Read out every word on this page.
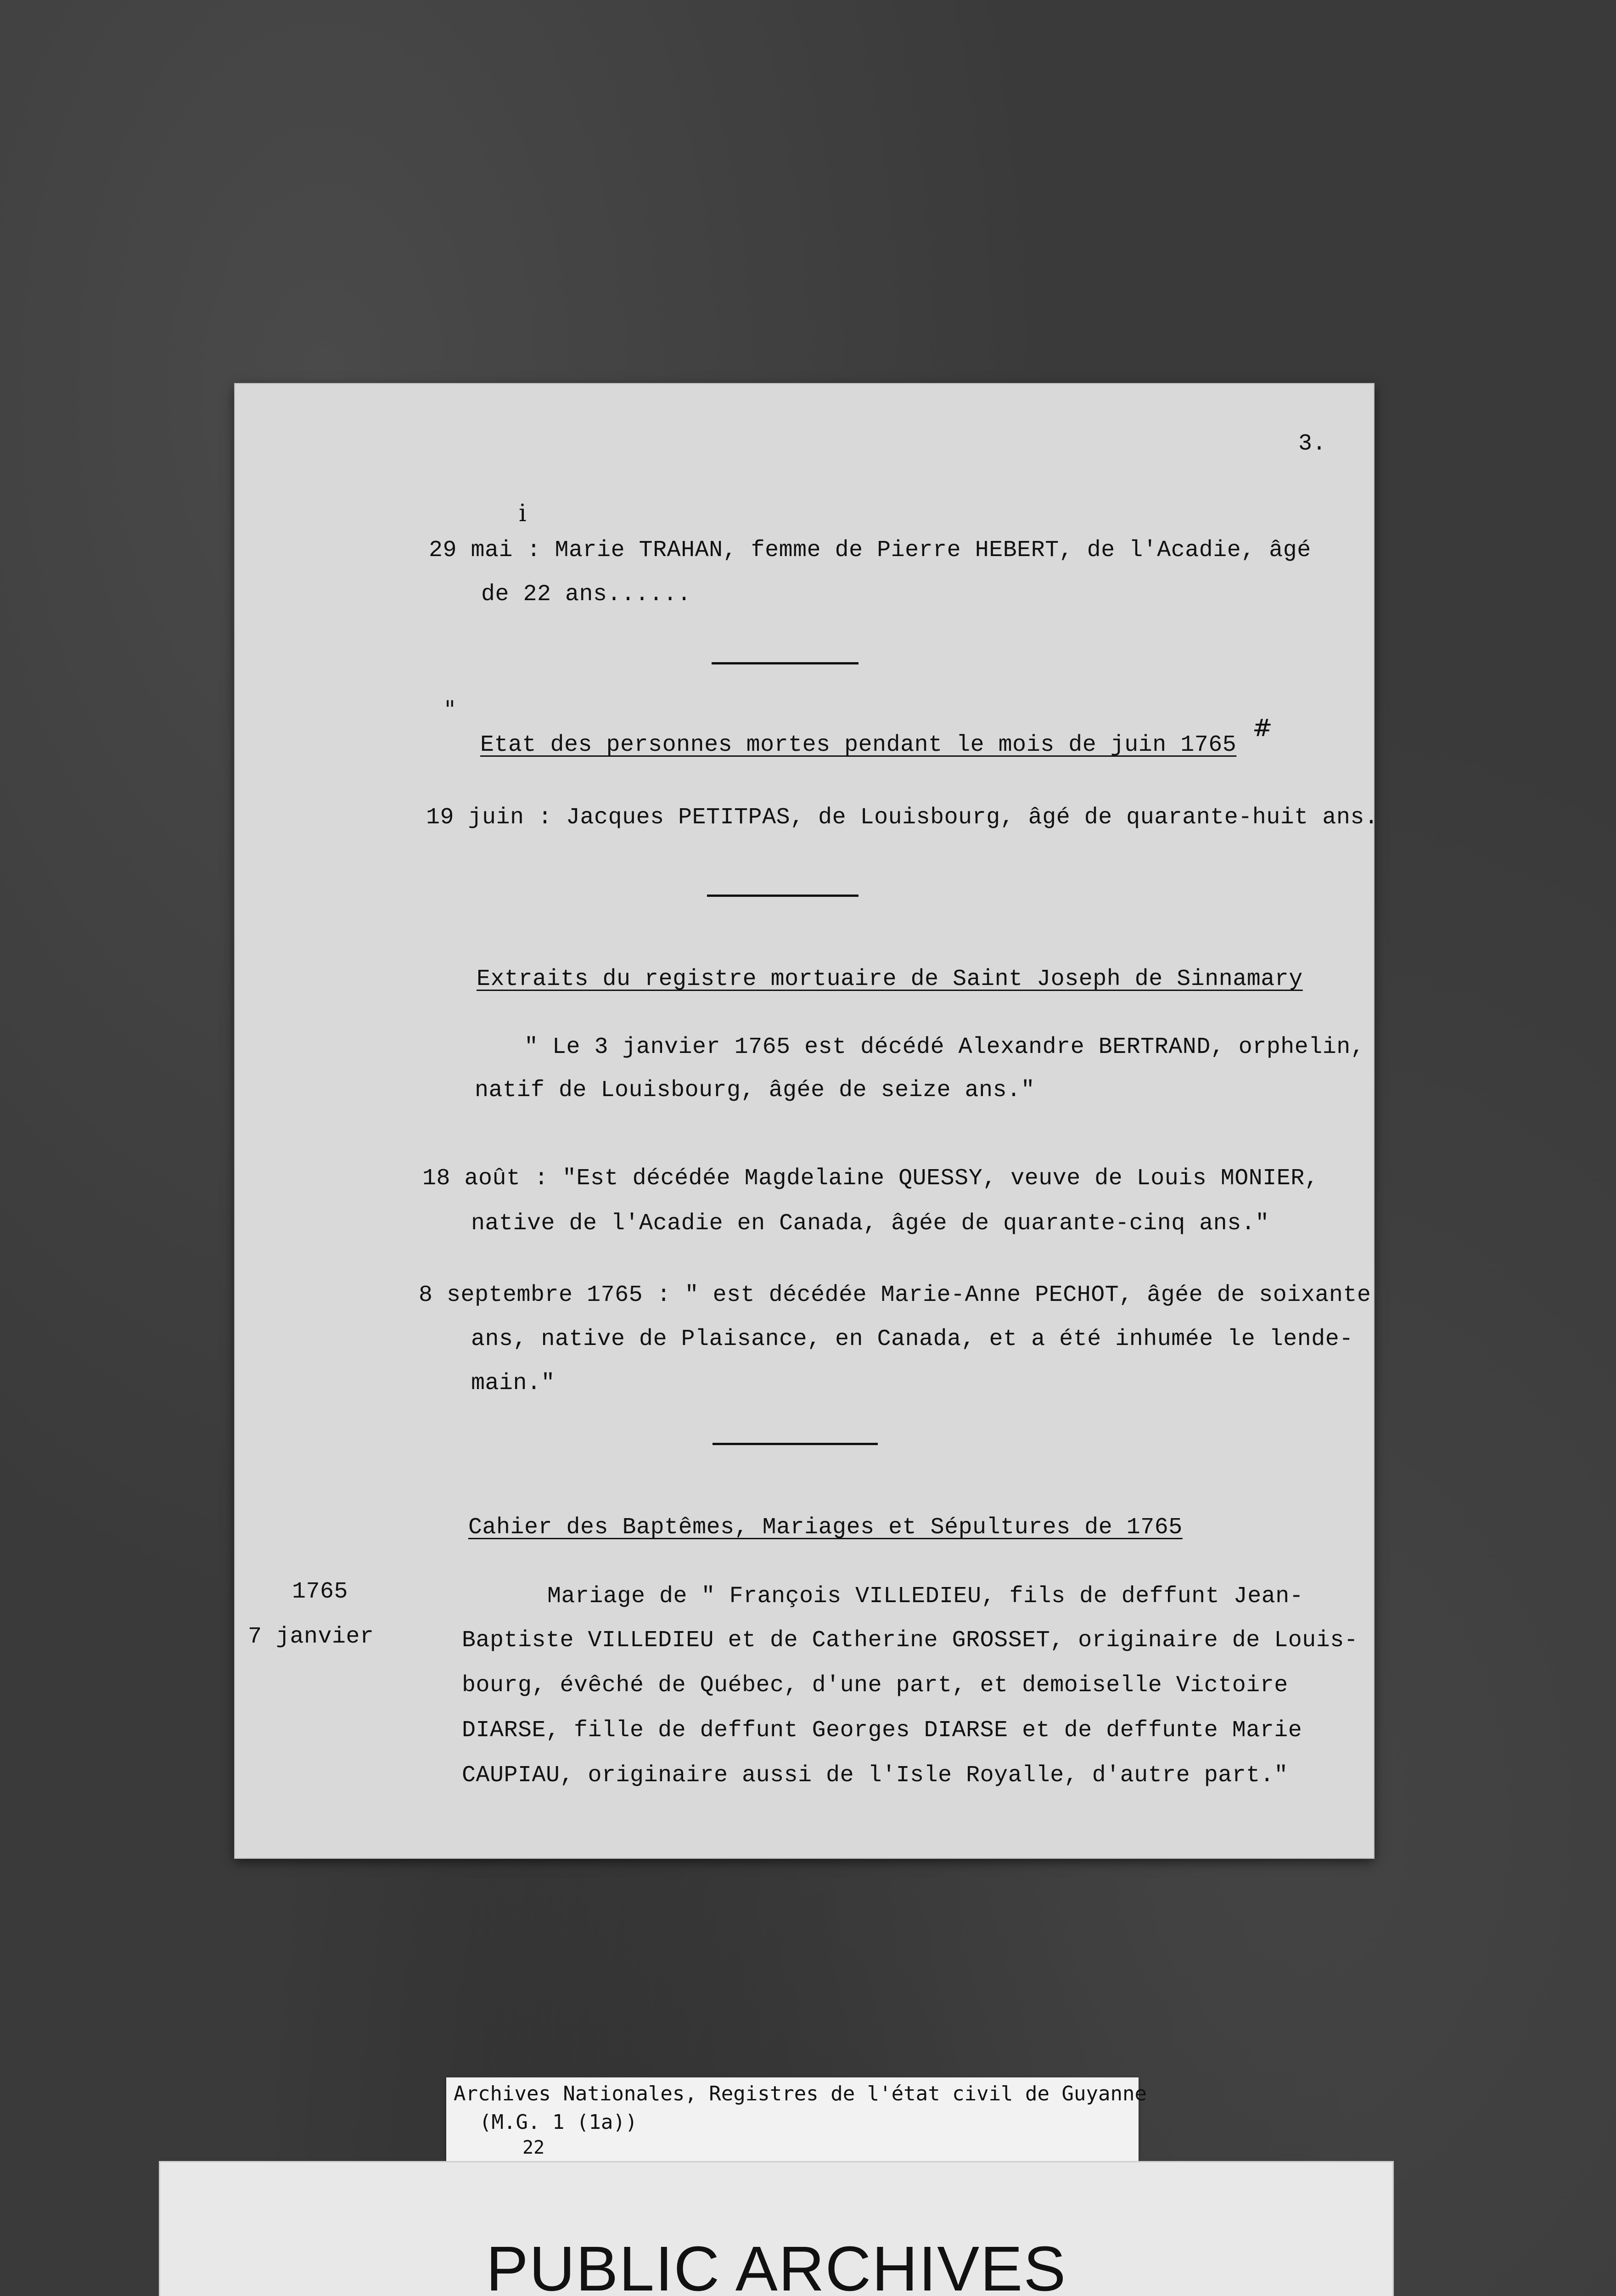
3.
i
29 mai : Marie TRAHAN, femme de Pierre HEBERT, de l'Acadie, âgé
de 22 ans......
"
Etat des personnes mortes pendant le mois de juin 1765
#
19 juin : Jacques PETITPAS, de Louisbourg, âgé de quarante-huit ans.
Extraits du registre mortuaire de Saint Joseph de Sinnamary
" Le 3 janvier 1765 est décédé Alexandre BERTRAND, orphelin,
natif de Louisbourg, âgée de seize ans."
18 août : "Est décédée Magdelaine QUESSY, veuve de Louis MONIER,
native de l'Acadie en Canada, âgée de quarante-cinq ans."
8 septembre 1765 : " est décédée Marie-Anne PECHOT, âgée de soixante
ans, native de Plaisance, en Canada, et a été inhumée le lende-
main."
Cahier des Baptêmes, Mariages et Sépultures de 1765
1765
7 janvier
Mariage de " François VILLEDIEU, fils de deffunt Jean-
Baptiste VILLEDIEU et de Catherine GROSSET, originaire de Louis-
bourg, évêché de Québec, d'une part, et demoiselle Victoire
DIARSE, fille de deffunt Georges DIARSE et de deffunte Marie
CAUPIAU, originaire aussi de l'Isle Royalle, d'autre part."
Archives Nationales, Registres de l'état civil de Guyanne
(M.G. 1 (1a))
22
PUBLIC ARCHIVES
